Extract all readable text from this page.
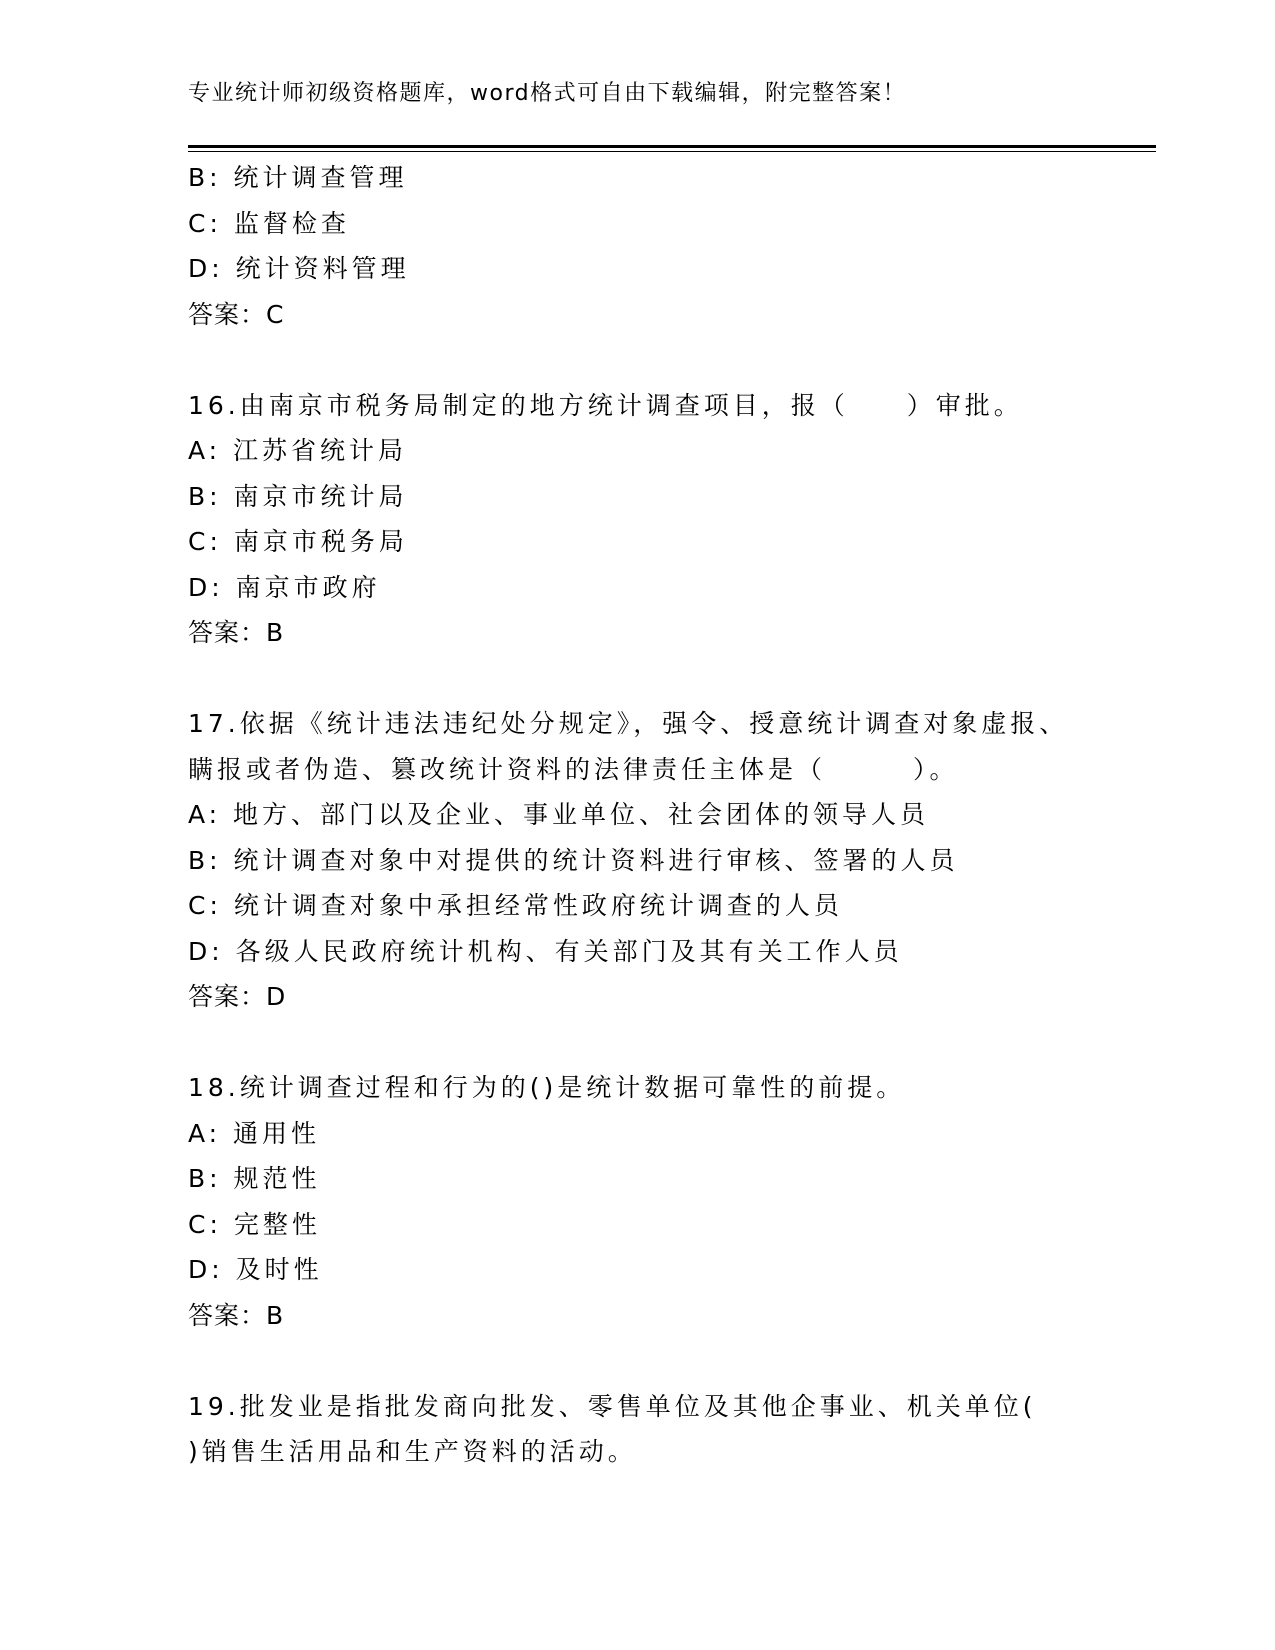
专业统计师初级资格题库，word格式可自由下载编辑，附完整答案！
B: 统计调查管理
C: 监督检查
D: 统计资料管理
答案：C
16.由南京市税务局制定的地方统计调查项目，报（　　）审批。
A: 江苏省统计局
B: 南京市统计局
C: 南京市税务局
D: 南京市政府
答案：B
17.依据《统计违法违纪处分规定》，强令、授意统计调查对象虚报、
瞒报或者伪造、篡改统计资料的法律责任主体是（　　　）。
A: 地方、部门以及企业、事业单位、社会团体的领导人员
B: 统计调查对象中对提供的统计资料进行审核、签署的人员
C: 统计调查对象中承担经常性政府统计调查的人员
D: 各级人民政府统计机构、有关部门及其有关工作人员
答案：D
18.统计调查过程和行为的()是统计数据可靠性的前提。
A: 通用性
B: 规范性
C: 完整性
D: 及时性
答案：B
19.批发业是指批发商向批发、零售单位及其他企事业、机关单位(
)销售生活用品和生产资料的活动。
